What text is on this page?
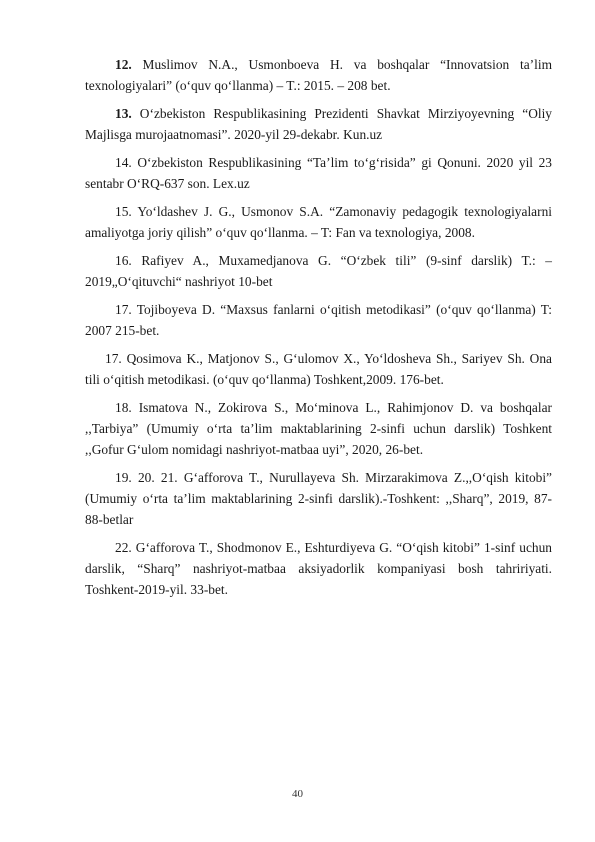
12. Muslimov N.A., Usmonboeva H. va boshqalar “Innovatsion ta’lim texnologiyalari” (o‘quv qo‘llanma) – T.: 2015. – 208 bet.

13. O‘zbekiston Respublikasining Prezidenti Shavkat Mirziyoyevning “Oliy Majlisga murojaatnomasi”. 2020-yil 29-dekabr. Kun.uz

14. O‘zbekiston Respublikasining “Ta’lim to‘g‘risida” gi Qonuni. 2020 yil 23 sentabr O‘RQ-637 son. Lex.uz

15. Yo‘ldashev J. G., Usmonov S.A. “Zamonaviy pedagogik texnologiyalarni amaliyotga joriy qilish” o‘quv qo‘llanma. – T: Fan va texnologiya, 2008.

16. Rafiyev A., Muxamedjanova G. “O‘zbek tili” (9-sinf darslik) T.: – 2019„O‘qituvchi“ nashriyot 10-bet

17. Tojiboyeva D. “Maxsus fanlarni o‘qitish metodikasi” (o‘quv qo‘llanma) T: 2007 215-bet.

17. Qosimova K., Matjonov S., G‘ulomov X., Yo‘ldosheva Sh., Sariyev Sh. Ona tili o‘qitish metodikasi. (o‘quv qo‘llanma) Toshkent,2009. 176-bet.

18. Ismatova N., Zokirova S., Mo‘minova L., Rahimjonov D. va boshqalar ,,Tarbiya” (Umumiy o‘rta ta’lim maktablarining 2-sinfi uchun darslik) Toshkent ,,Gofur G‘ulom nomidagi nashriyot-matbaa uyi”, 2020, 26-bet.

19. 20. 21. G‘afforova T., Nurullayeva Sh. Mirzarakimova Z.,,O‘qish kitobi” (Umumiy o‘rta ta’lim maktablarining 2-sinfi darslik).-Toshkent: ,,Sharq”, 2019, 87- 88-betlar

22. G‘afforova T., Shodmonov E., Eshturdiyeva G. “O‘qish kitobi” 1-sinf uchun darslik, “Sharq” nashriyot-matbaa aksiyadorlik kompaniyasi bosh tahririyati. Toshkent-2019-yil. 33-bet.

40
